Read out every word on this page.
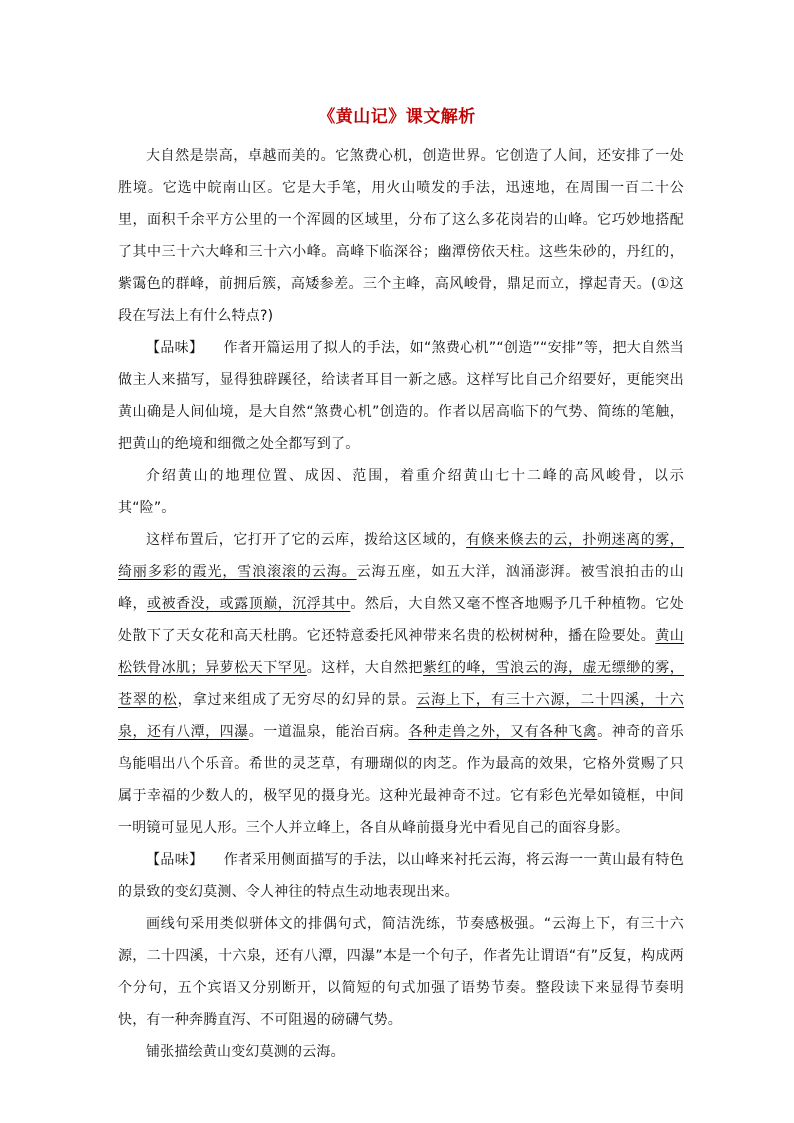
《黄山记》课文解析

大自然是崇高，卓越而美的。它煞费心机，创造世界。它创造了人间，还安排了一处胜境。它选中皖南山区。它是大手笔，用火山喷发的手法，迅速地，在周围一百二十公里，面积千余平方公里的一个浑圆的区域里，分布了这么多花岗岩的山峰。它巧妙地搭配了其中三十六大峰和三十六小峰。高峰下临深谷；幽潭傍依天柱。这些朱砂的，丹红的，紫霭色的群峰，前拥后簇，高矮参差。三个主峰，高风峻骨，鼎足而立，撑起青天。(①这段在写法上有什么特点?)

【品味】 作者开篇运用了拟人的手法，如“煞费心机”“创造”“安排”等，把大自然当做主人来描写，显得独辟蹊径，给读者耳目一新之感。这样写比自己介绍要好，更能突出黄山确是人间仙境，是大自然“煞费心机”创造的。作者以居高临下的气势、简练的笔触，把黄山的绝境和细微之处全都写到了。

介绍黄山的地理位置、成因、范围，着重介绍黄山七十二峰的高风峻骨，以示其“险”。

这样布置后，它打开了它的云库，拨给这区域的，有倏来倏去的云，扑朔迷离的雾，绮丽多彩的霞光，雪浪滚滚的云海。云海五座，如五大洋，汹涌澎湃。被雪浪拍击的山峰，或被香没，或露顶巅，沉浮其中。然后，大自然又毫不悭吝地赐予几千种植物。它处处散下了天女花和高天杜鹃。它还特意委托风神带来名贵的松树树种，播在险要处。黄山松铁骨冰肌；异萝松天下罕见。这样，大自然把紫红的峰，雪浪云的海，虚无缥缈的雾，苍翠的松，拿过来组成了无穷尽的幻异的景。云海上下，有三十六源，二十四溪，十六泉，还有八潭，四瀑。一道温泉，能治百病。各种走兽之外，又有各种飞禽。神奇的音乐鸟能唱出八个乐音。希世的灵芝草，有珊瑚似的肉芝。作为最高的效果，它格外赏赐了只属于幸福的少数人的，极罕见的摄身光。这种光最神奇不过。它有彩色光晕如镜框，中间一明镜可显见人形。三个人并立峰上，各自从峰前摄身光中看见自己的面容身影。

【品味】 作者采用侧面描写的手法，以山峰来衬托云海，将云海一一黄山最有特色的景致的变幻莫测、令人神往的特点生动地表现出来。

画线句采用类似骈体文的排偶句式，简洁洗练，节奏感极强。“云海上下，有三十六源，二十四溪，十六泉，还有八潭，四瀑”本是一个句子，作者先让谓语“有”反复，构成两个分句，五个宾语又分别断开，以简短的句式加强了语势节奏。整段读下来显得节奏明快，有一种奔腾直泻、不可阻遏的磅礴气势。

铺张描绘黄山变幻莫测的云海。
